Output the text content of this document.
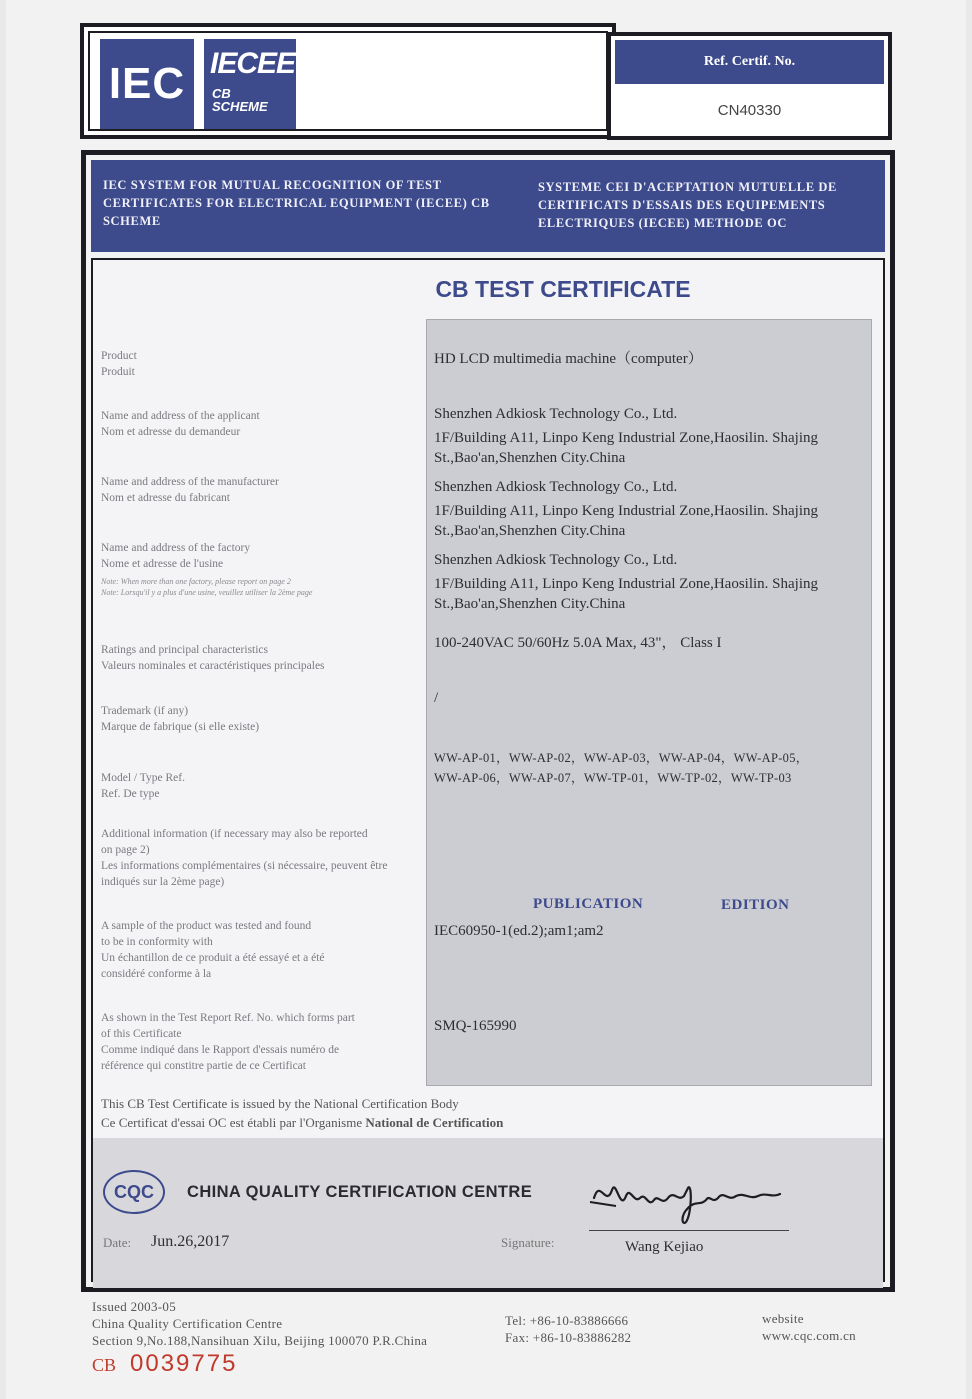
IEC IECEE
CB
SCHEME
Ref. Certif. No.
CN40330
IEC SYSTEM FOR MUTUAL RECOGNITION OF TEST CERTIFICATES FOR ELECTRICAL EQUIPMENT (IECEE) CB SCHEME
SYSTEME CEI D'ACEPTATION MUTUELLE DE CERTIFICATS D'ESSAIS DES EQUIPEMENTS ELECTRIQUES (IECEE) METHODE OC
CB TEST CERTIFICATE
Product
Produit
HD LCD multimedia machine（computer）
Name and address of the applicant
Nom et adresse du demandeur
Shenzhen Adkiosk Technology Co., Ltd.
1F/Building A11, Linpo Keng Industrial Zone,Haosilin. Shajing
St.,Bao'an,Shenzhen City.China
Name and address of the manufacturer
Nom et adresse du fabricant
Shenzhen Adkiosk Technology Co., Ltd.
1F/Building A11, Linpo Keng Industrial Zone,Haosilin. Shajing
St.,Bao'an,Shenzhen City.China
Name and address of the factory
Nome et adresse de l'usine
Note: When more than one factory, please report on page 2
Note: Lorsqu'il y a plus d'une usine, veuillez utiliser la 2ème page
Shenzhen Adkiosk Technology Co., Ltd.
1F/Building A11, Linpo Keng Industrial Zone,Haosilin. Shajing
St.,Bao'an,Shenzhen City.China
Ratings and principal characteristics
Valeurs nominales et caractéristiques principales
100-240VAC 50/60Hz 5.0A Max, 43"， Class I
Trademark (if any)
Marque de fabrique (si elle existe)
/
Model / Type Ref.
Ref. De type
WW-AP-01，WW-AP-02，WW-AP-03，WW-AP-04，WW-AP-05，
WW-AP-06，WW-AP-07，WW-TP-01，WW-TP-02，WW-TP-03
Additional information (if necessary may also be reported
on page 2)
Les informations complémentaires (si nécessaire, peuvent être
indiqués sur la 2ème page)
PUBLICATION	EDITION
A sample of the product was tested and found
to be in conformity with
Un échantillon de ce produit a été essayé et a été
considéré conforme à la
IEC60950-1(ed.2);am1;am2
As shown in the Test Report Ref. No. which forms part
of this Certificate
Comme indiqué dans le Rapport d'essais numéro de
référence qui constitre partie de ce Certificat
SMQ-165990
This CB Test Certificate is issued by the National Certification Body
Ce Certificat d'essai OC est établi par l'Organisme National de Certification
CQC	CHINA QUALITY CERTIFICATION CENTRE
Date: Jun.26,2017	Signature:	Wang Kejiao
Issued 2003-05
China Quality Certification Centre
Section 9,No.188,Nansihuan Xilu, Beijing 100070 P.R.China
Tel: +86-10-83886666
Fax: +86-10-83886282
website
www.cqc.com.cn
CB 0039775
